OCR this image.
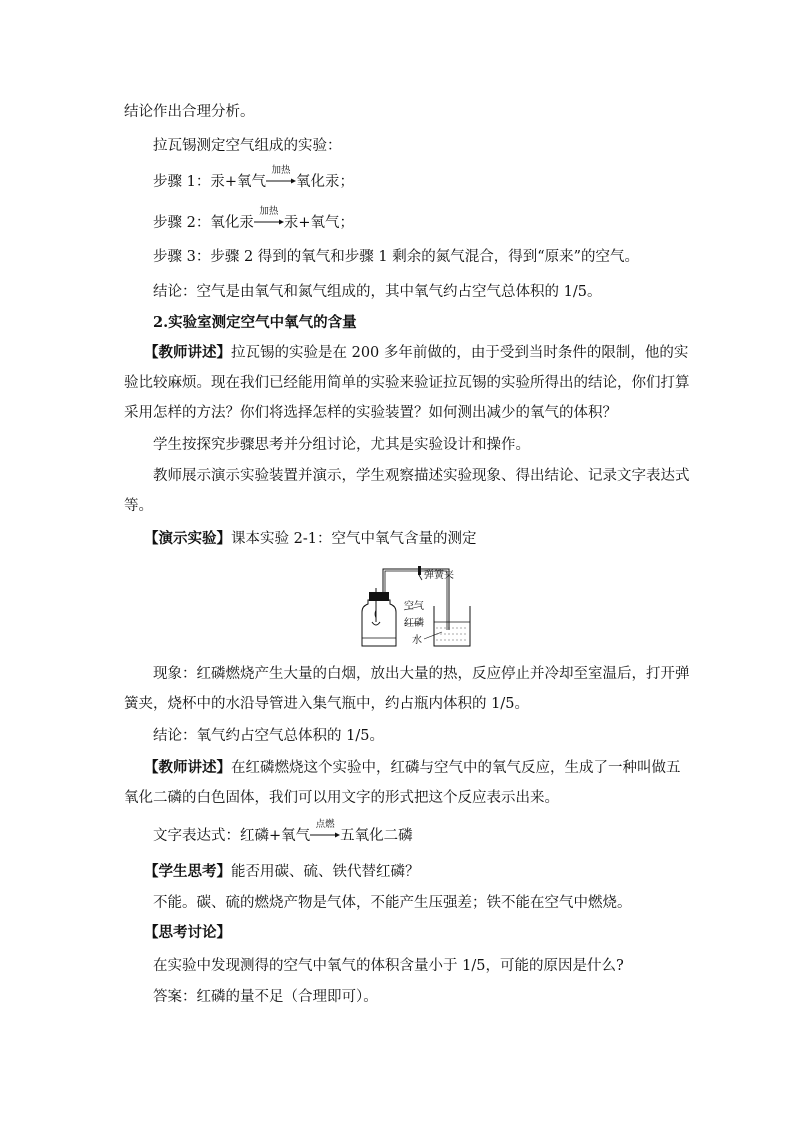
结论作出合理分析。
拉瓦锡测定空气组成的实验：
步骤 1：汞+氧气
加热
氧化汞；
步骤 2：氧化汞
加热
汞+氧气；
步骤 3：步骤 2 得到的氧气和步骤 1 剩余的氮气混合，得到“原来”的空气。
结论：空气是由氧气和氮气组成的，其中氧气约占空气总体积的 1/5。
2.实验室测定空气中氧气的含量
【教师讲述】拉瓦锡的实验是在 200 多年前做的，由于受到当时条件的限制，他的实
验比较麻烦。现在我们已经能用简单的实验来验证拉瓦锡的实验所得出的结论，你们打算
采用怎样的方法？你们将选择怎样的实验装置？如何测出减少的氧气的体积？
学生按探究步骤思考并分组讨论，尤其是实验设计和操作。
教师展示演示实验装置并演示，学生观察描述实验现象、得出结论、记录文字表达式
等。
【演示实验】课本实验 2-1：空气中氧气含量的测定
弹簧夹
空气
红磷
水
现象：红磷燃烧产生大量的白烟，放出大量的热，反应停止并冷却至室温后，打开弹
簧夹，烧杯中的水沿导管进入集气瓶中，约占瓶内体积的 1/5。
结论：氧气约占空气总体积的 1/5。
【教师讲述】在红磷燃烧这个实验中，红磷与空气中的氧气反应，生成了一种叫做五
氧化二磷的白色固体，我们可以用文字的形式把这个反应表示出来。
文字表达式：红磷+氧气
点燃
五氧化二磷
【学生思考】能否用碳、硫、铁代替红磷？
不能。碳、硫的燃烧产物是气体，不能产生压强差；铁不能在空气中燃烧。
【思考讨论】
在实验中发现测得的空气中氧气的体积含量小于 1/5，可能的原因是什么?
答案：红磷的量不足（合理即可）。
